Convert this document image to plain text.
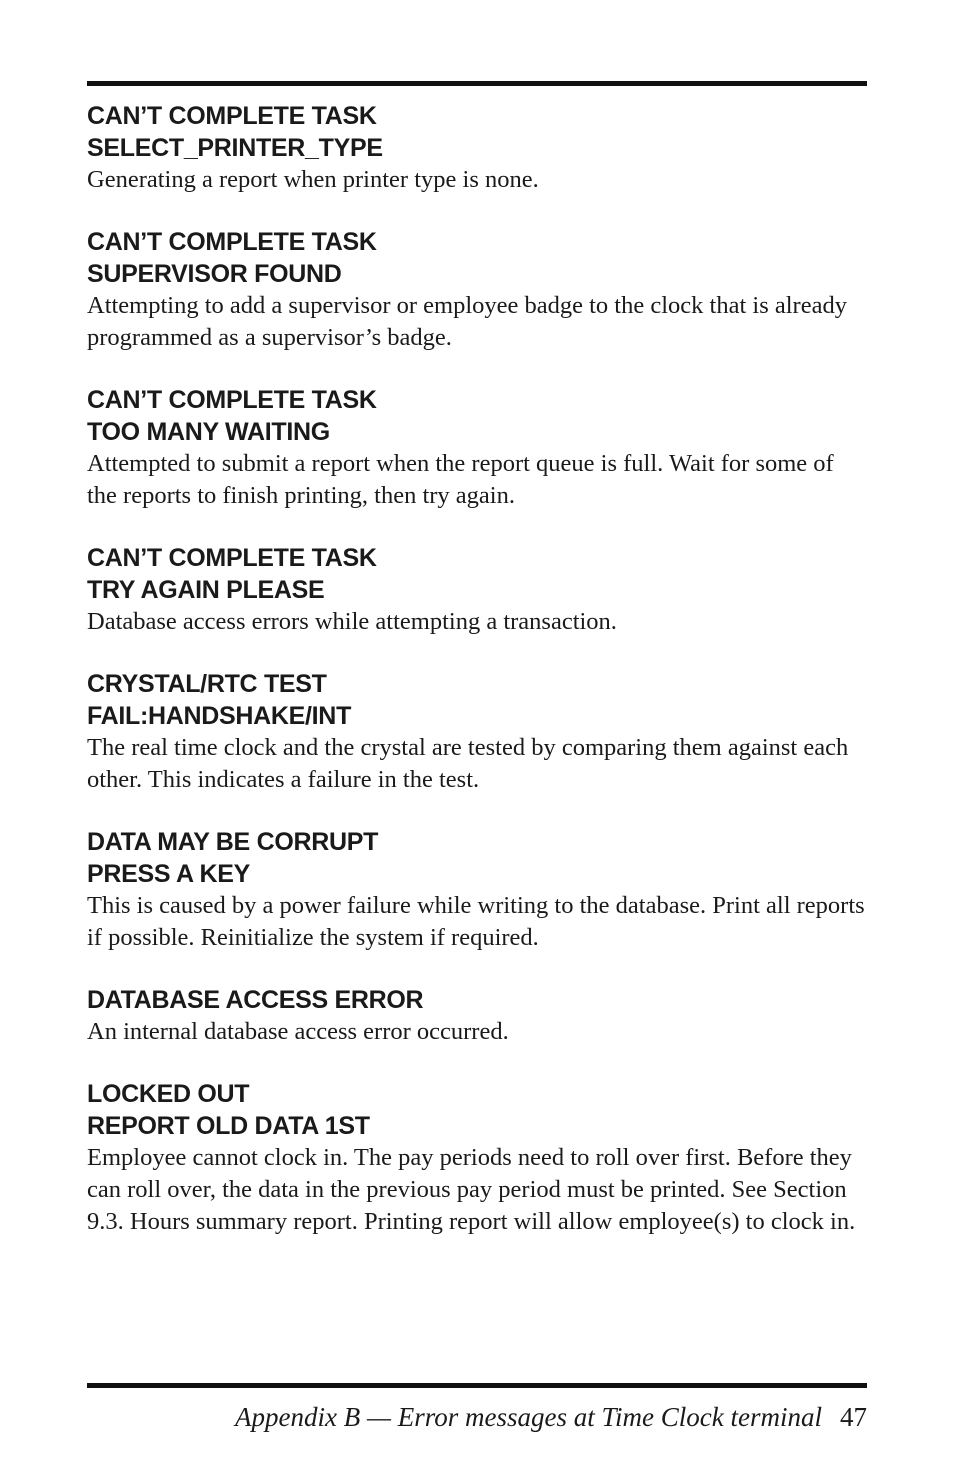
CAN’T COMPLETE TASK
SELECT_PRINTER_TYPE

Generating a report when printer type is none.

CAN’T COMPLETE TASK
SUPERVISOR FOUND

Attempting to add a supervisor or employee badge to the clock that is already programmed as a supervisor’s badge.

CAN’T COMPLETE TASK
TOO MANY WAITING

Attempted to submit a report when the report queue is full. Wait for some of the reports to finish printing, then try again.

CAN’T COMPLETE TASK
TRY AGAIN PLEASE

Database access errors while attempting a transaction.

CRYSTAL/RTC TEST
FAIL:HANDSHAKE/INT

The real time clock and the crystal are tested by comparing them against each other. This indicates a failure in the test.

DATA MAY BE CORRUPT
PRESS A KEY

This is caused by a power failure while writing to the database. Print all reports if possible. Reinitialize the system if required.

DATABASE ACCESS ERROR

An internal database access error occurred.

LOCKED OUT
REPORT OLD DATA 1ST

Employee cannot clock in. The pay periods need to roll over first. Before they can roll over, the data in the previous pay period must be printed. See Section 9.3. Hours summary report. Printing report will allow employee(s) to clock in.

Appendix B — Error messages at Time Clock terminal 47
